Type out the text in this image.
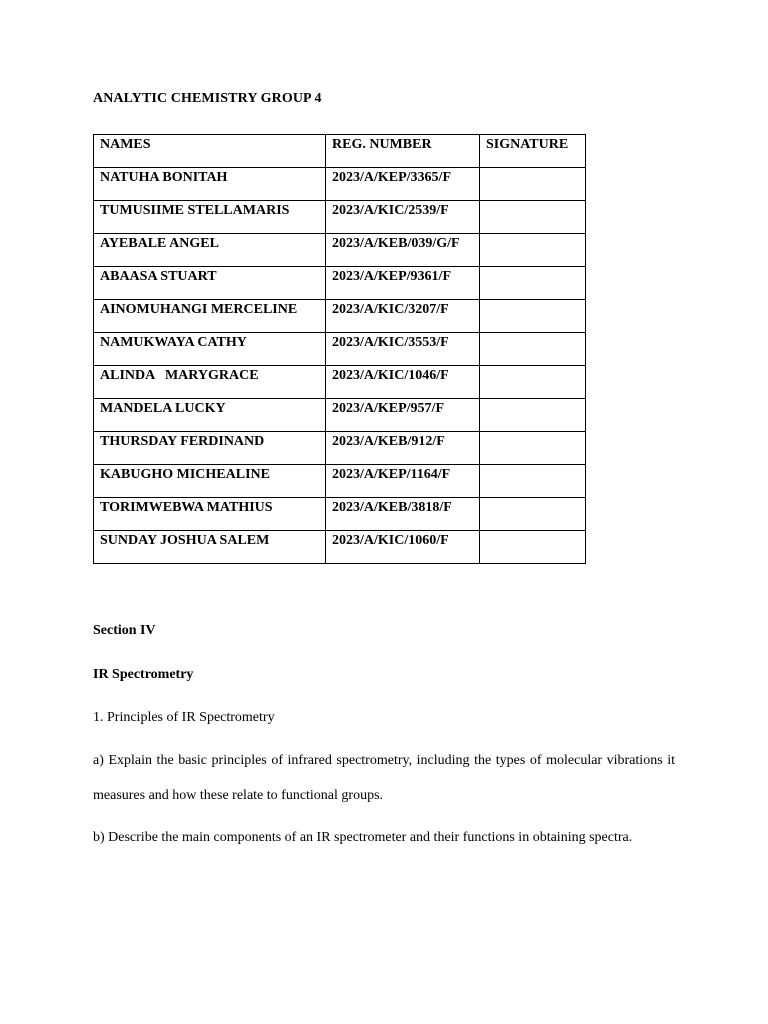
ANALYTIC CHEMISTRY GROUP 4
NAMES	REG. NUMBER	SIGNATURE
NATUHA BONITAH	2023/A/KEP/3365/F	
TUMUSIIME STELLAMARIS	2023/A/KIC/2539/F	
AYEBALE ANGEL	2023/A/KEB/039/G/F	
ABAASA STUART	2023/A/KEP/9361/F	
AINOMUHANGI MERCELINE	2023/A/KIC/3207/F	
NAMUKWAYA CATHY	2023/A/KIC/3553/F	
ALINDA   MARYGRACE	2023/A/KIC/1046/F	
MANDELA LUCKY	2023/A/KEP/957/F	
THURSDAY FERDINAND	2023/A/KEB/912/F	
KABUGHO MICHEALINE	2023/A/KEP/1164/F	
TORIMWEBWA MATHIUS	2023/A/KEB/3818/F	
SUNDAY JOSHUA SALEM	2023/A/KIC/1060/F	
Section IV
IR Spectrometry
1. Principles of IR Spectrometry
a) Explain the basic principles of infrared spectrometry, including the types of molecular vibrations it measures and how these relate to functional groups.
b) Describe the main components of an IR spectrometer and their functions in obtaining spectra.
